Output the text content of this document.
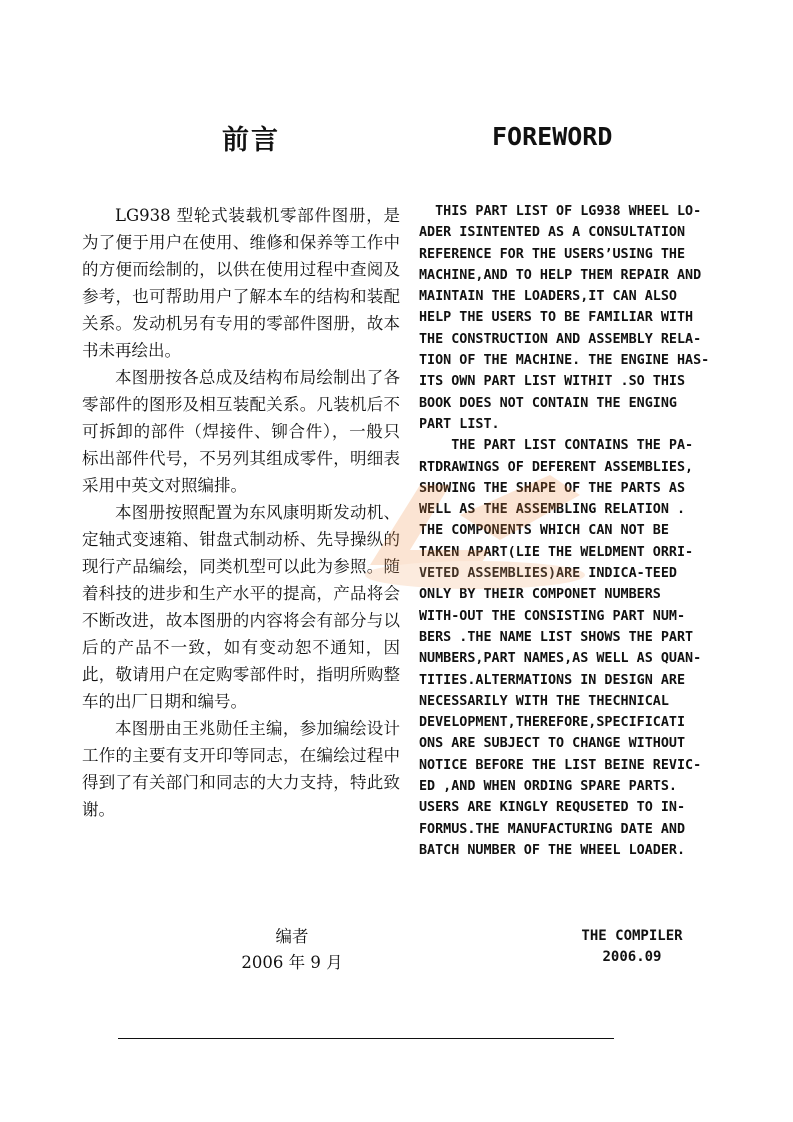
前言	FOREWORD

LG938 型轮式装载机零部件图册，是为了便于用户在使用、维修和保养等工作中的方便而绘制的，以供在使用过程中查阅及参考，也可帮助用户了解本车的结构和装配关系。发动机另有专用的零部件图册，故本书未再绘出。

本图册按各总成及结构布局绘制出了各零部件的图形及相互装配关系。凡装机后不可拆卸的部件（焊接件、铆合件），一般只标出部件代号，不另列其组成零件，明细表采用中英文对照编排。

本图册按照配置为东风康明斯发动机、定轴式变速箱、钳盘式制动桥、先导操纵的现行产品编绘，同类机型可以此为参照。随着科技的进步和生产水平的提高，产品将会不断改进，故本图册的内容将会有部分与以后的产品不一致，如有变动恕不通知，因此，敬请用户在定购零部件时，指明所购整车的出厂日期和编号。

本图册由王兆勋任主编，参加编绘设计工作的主要有支开印等同志，在编绘过程中得到了有关部门和同志的大力支持，特此致谢。

THIS PART LIST OF LG938 WHEEL LO-
ADER ISINTENTED AS A CONSULTATION
REFERENCE FOR THE USERS’USING THE
MACHINE,AND TO HELP THEM REPAIR AND
MAINTAIN THE LOADERS,IT CAN ALSO
HELP THE USERS TO BE FAMILIAR WITH
THE CONSTRUCTION AND ASSEMBLY RELA-
TION OF THE MACHINE. THE ENGINE HAS-
ITS OWN PART LIST WITHIT .SO THIS
BOOK DOES NOT CONTAIN THE ENGING
PART LIST.
THE PART LIST CONTAINS THE PA-
RTDRAWINGS OF DEFERENT ASSEMBLIES,
SHOWING THE SHAPE OF THE PARTS AS
WELL AS THE ASSEMBLING RELATION .
THE COMPONENTS WHICH CAN NOT BE
TAKEN APART(LIE THE WELDMENT ORRI-
VETED ASSEMBLIES)ARE INDICA-TEED
ONLY BY THEIR COMPONET NUMBERS
WITH-OUT THE CONSISTING PART NUM-
BERS .THE NAME LIST SHOWS THE PART
NUMBERS,PART NAMES,AS WELL AS QUAN-
TITIES.ALTERMATIONS IN DESIGN ARE
NECESSARILY WITH THE THECHNICAL
DEVELOPMENT,THEREFORE,SPECIFICATI
ONS ARE SUBJECT TO CHANGE WITHOUT
NOTICE BEFORE THE LIST BEINE REVIC-
ED ,AND WHEN ORDING SPARE PARTS.
USERS ARE KINGLY REQUSETED TO IN-
FORMUS.THE MANUFACTURING DATE AND
BATCH NUMBER OF THE WHEEL LOADER.
编者
2006 年 9 月
THE COMPILER
2006.09
